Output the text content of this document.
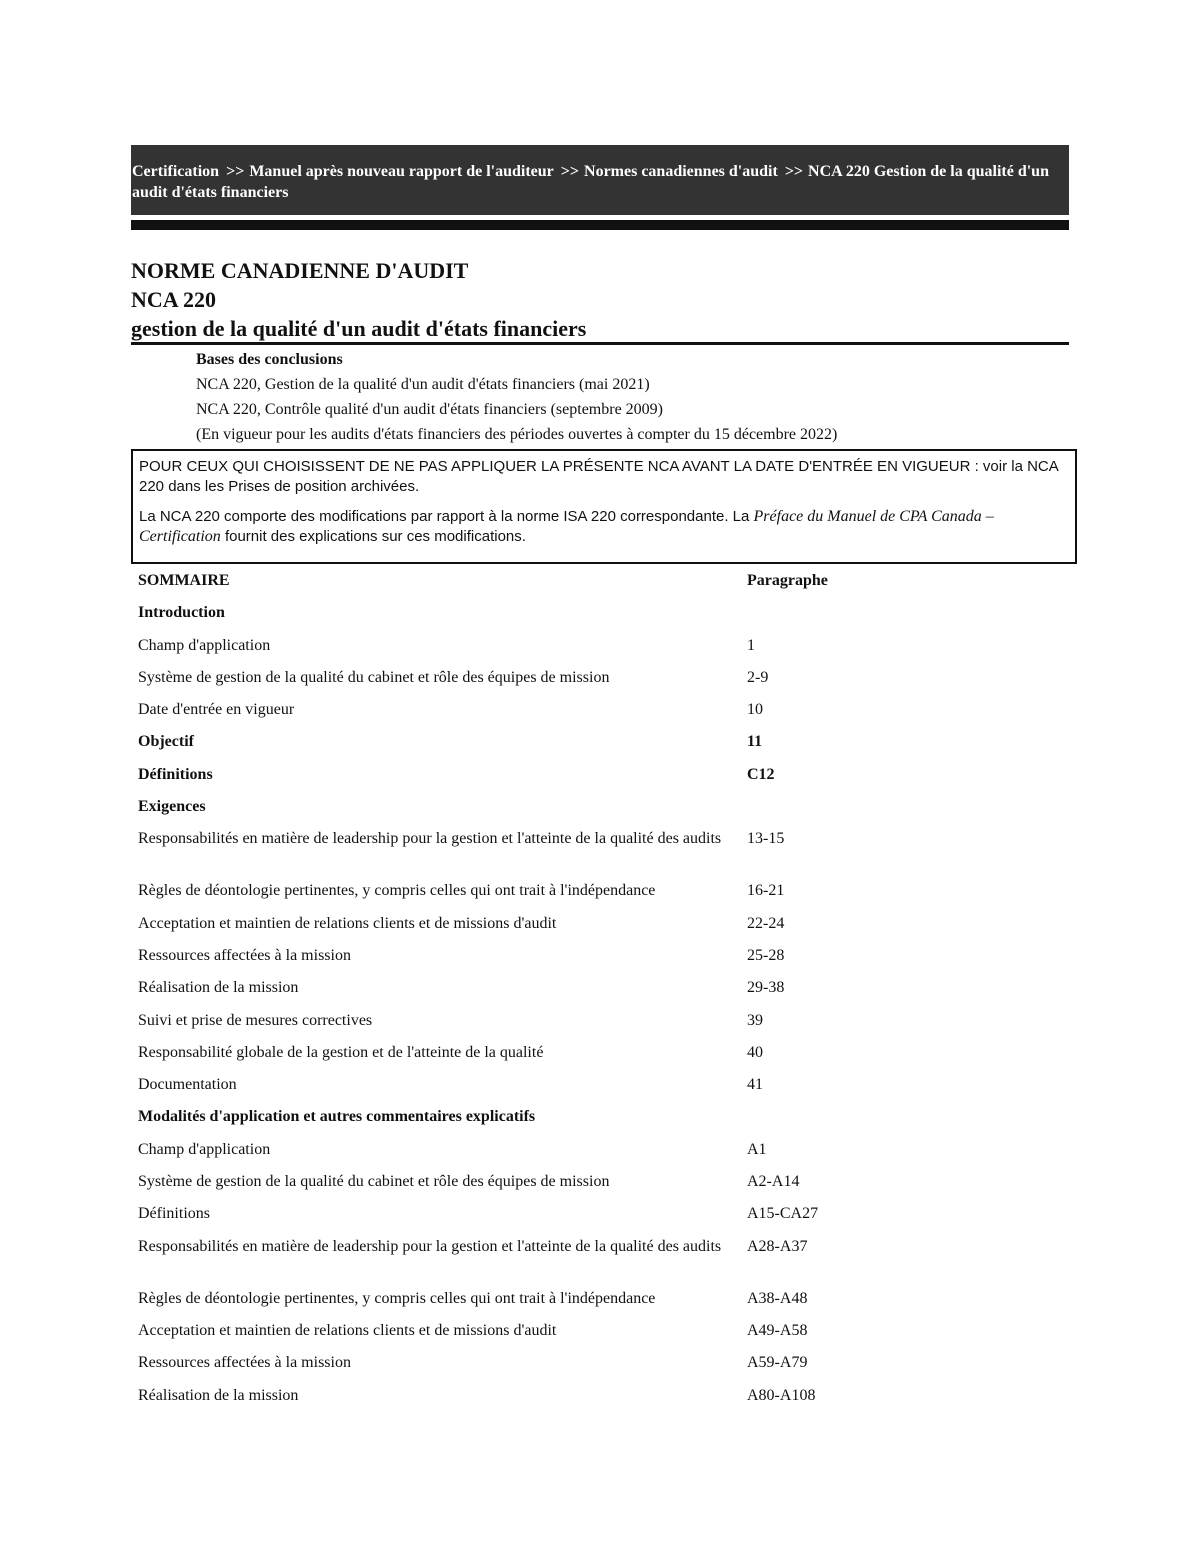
Certification >> Manuel après nouveau rapport de l'auditeur >> Normes canadiennes d'audit >> NCA 220 Gestion de la qualité d'un audit d'états financiers
NORME CANADIENNE D'AUDIT
NCA 220
gestion de la qualité d'un audit d'états financiers
Bases des conclusions
NCA 220, Gestion de la qualité d'un audit d'états financiers (mai 2021)
NCA 220, Contrôle qualité d'un audit d'états financiers (septembre 2009)
(En vigueur pour les audits d'états financiers des périodes ouvertes à compter du 15 décembre 2022)

POUR CEUX QUI CHOISISSENT DE NE PAS APPLIQUER LA PRÉSENTE NCA AVANT LA DATE D'ENTRÉE EN VIGUEUR : voir la NCA 220 dans les Prises de position archivées.

La NCA 220 comporte des modifications par rapport à la norme ISA 220 correspondante. La Préface du Manuel de CPA Canada – Certification fournit des explications sur ces modifications.

SOMMAIRE	Paragraphe
Introduction
Champ d'application	1
Système de gestion de la qualité du cabinet et rôle des équipes de mission	2-9
Date d'entrée en vigueur	10
Objectif	11
Définitions	C12
Exigences
Responsabilités en matière de leadership pour la gestion et l'atteinte de la qualité des audits	13-15
Règles de déontologie pertinentes, y compris celles qui ont trait à l'indépendance	16-21
Acceptation et maintien de relations clients et de missions d'audit	22-24
Ressources affectées à la mission	25-28
Réalisation de la mission	29-38
Suivi et prise de mesures correctives	39
Responsabilité globale de la gestion et de l'atteinte de la qualité	40
Documentation	41
Modalités d'application et autres commentaires explicatifs
Champ d'application	A1
Système de gestion de la qualité du cabinet et rôle des équipes de mission	A2-A14
Définitions	A15-CA27
Responsabilités en matière de leadership pour la gestion et l'atteinte de la qualité des audits	A28-A37
Règles de déontologie pertinentes, y compris celles qui ont trait à l'indépendance	A38-A48
Acceptation et maintien de relations clients et de missions d'audit	A49-A58
Ressources affectées à la mission	A59-A79
Réalisation de la mission	A80-A108
